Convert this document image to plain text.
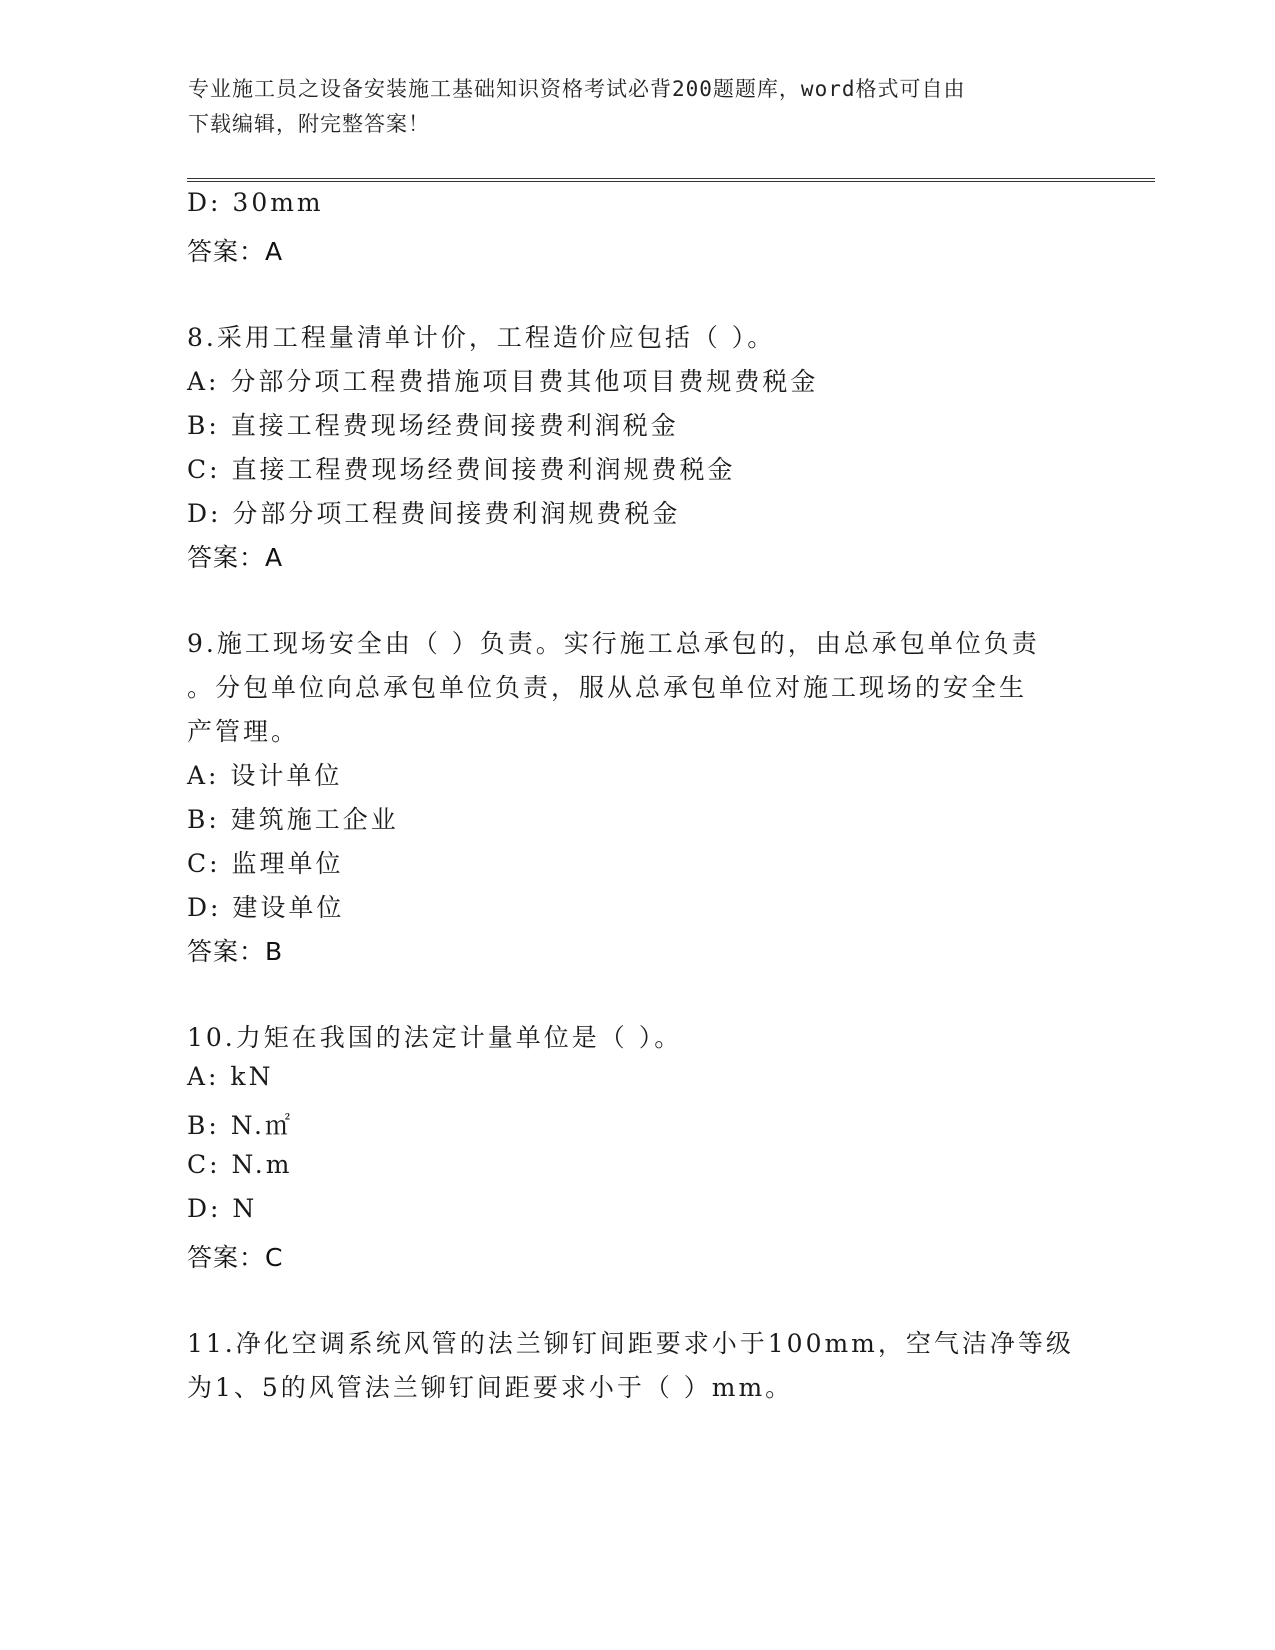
专业施工员之设备安装施工基础知识资格考试必背200题题库，word格式可自由
下载编辑，附完整答案！
D: 30mm
答案：A
8.采用工程量清单计价，工程造价应包括（ ）。
A: 分部分项工程费措施项目费其他项目费规费税金
B: 直接工程费现场经费间接费利润税金
C: 直接工程费现场经费间接费利润规费税金
D: 分部分项工程费间接费利润规费税金
答案：A
9.施工现场安全由（ ）负责。实行施工总承包的，由总承包单位负责
。分包单位向总承包单位负责，服从总承包单位对施工现场的安全生
产管理。
A: 设计单位
B: 建筑施工企业
C: 监理单位
D: 建设单位
答案：B
10.力矩在我国的法定计量单位是（ ）。
A: kN
B: N.㎡
C: N.m
D: N
答案：C
11.净化空调系统风管的法兰铆钉间距要求小于100mm，空气洁净等级
为1、5的风管法兰铆钉间距要求小于（ ）mm。
